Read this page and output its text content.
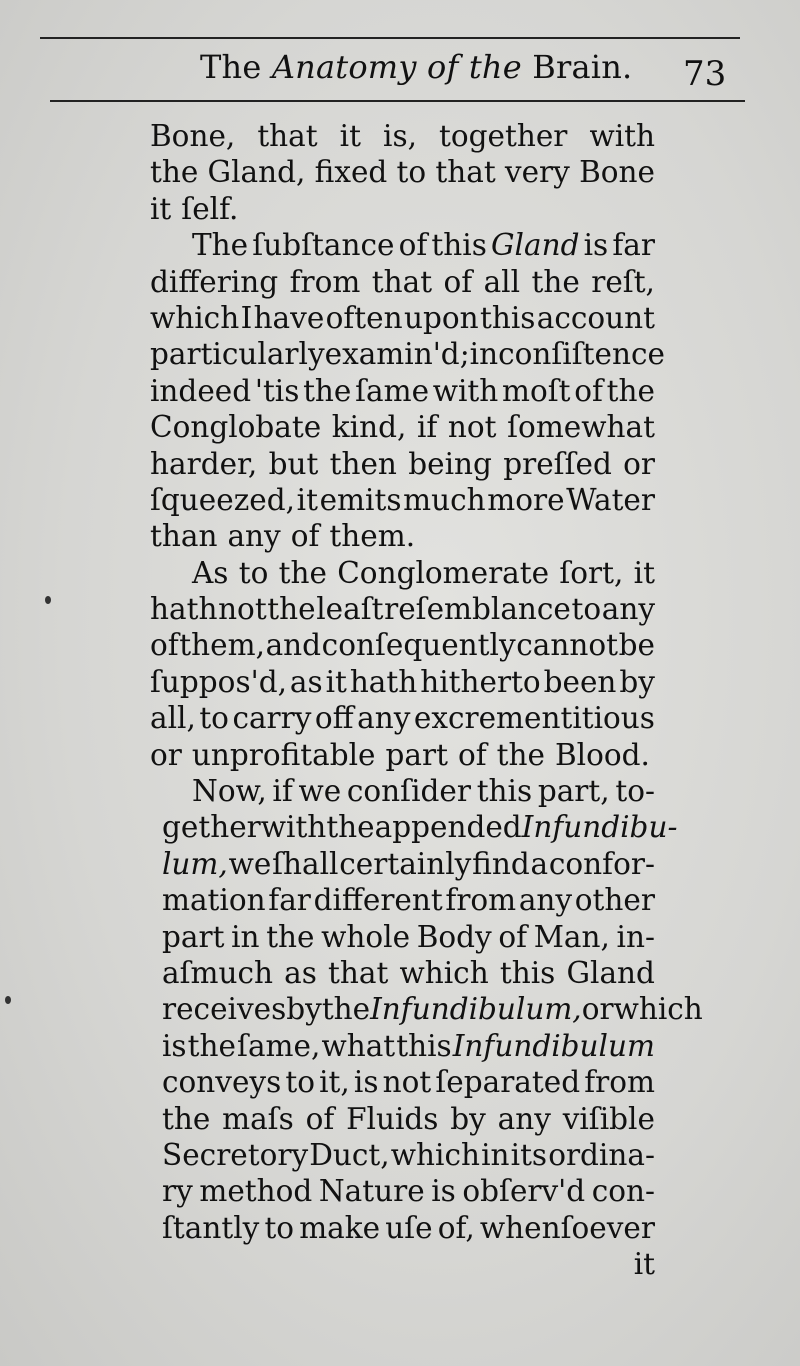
The Anatomy of the Brain. 73
Bone, that it is, together with
the Gland, fixed to that very Bone
it ſelf.
The ſubſtance of this Gland is far
differing from that of all the reſt,
which I have often upon this account
particularly examin'd ; in conſiſtence
indeed 'tis the ſame with moſt of the
Conglobate kind, if not ſomewhat
harder, but then being preſſed or
ſqueezed, it emits much more Water
than any of them.
As to the Conglomerate ſort, it
hath not the leaſt reſemblance to any
of them, and conſequently cannot be
ſuppos'd, as it hath hitherto been by
all, to carry off any excrementitious
or unprofitable part of the Blood.
Now, if we conſider this part, to-
gether with the appended Infundibu-
lum, we ſhall certainly find a confor-
mation far different from any other
part in the whole Body of Man, in-
aſmuch as that which this Gland
receives by the Infundibulum, or which
is the ſame, what this Infundibulum
conveys to it, is not ſeparated from
the maſs of Fluids by any viſible
Secretory Duct, which in its ordina-
ry method Nature is obſerv'd con-
ſtantly to make uſe of, whenſoever
it
